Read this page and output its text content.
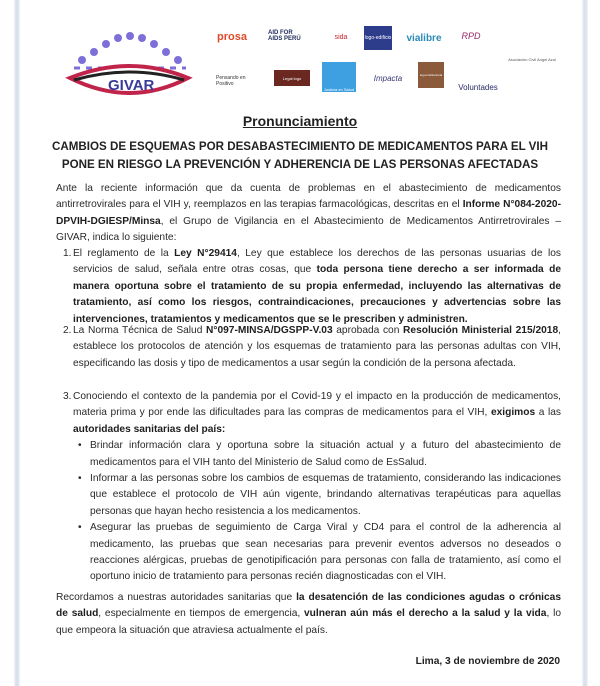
GIVAR
prosa	AID FOR AIDS PERÚ	sida	logo-edificio	vialibre	RPD
Pensando en Positivo
Legal logo
Justicia en Salud
Impacta	logo-institucional
Voluntades
Asociación Civil Angel Azul
Pronunciamiento
CAMBIOS DE ESQUEMAS POR DESABASTECIMIENTO DE MEDICAMENTOS PARA EL VIH
PONE EN RIESGO LA PREVENCIÓN Y ADHERENCIA DE LAS PERSONAS AFECTADAS
Ante la reciente información que da cuenta de problemas en el abastecimiento de medicamentos antirretrovirales para el VIH y, reemplazos en las terapias farmacológicas, descritas en el Informe N°084-2020-DPVIH-DGIESP/Minsa, el Grupo de Vigilancia en el Abastecimiento de Medicamentos Antirretrovirales – GIVAR, indica lo siguiente:
1. El reglamento de la Ley N°29414, Ley que establece los derechos de las personas usuarias de los servicios de salud, señala entre otras cosas, que toda persona tiene derecho a ser informada de manera oportuna sobre el tratamiento de su propia enfermedad, incluyendo las alternativas de tratamiento, así como los riesgos, contraindicaciones, precauciones y advertencias sobre las intervenciones, tratamientos y medicamentos que se le prescriben y administren.
2. La Norma Técnica de Salud N°097-MINSA/DGSPP-V.03 aprobada con Resolución Ministerial 215/2018, establece los protocolos de atención y los esquemas de tratamiento para las personas adultas con VIH, especificando las dosis y tipo de medicamentos a usar según la condición de la persona afectada.
3. Conociendo el contexto de la pandemia por el Covid-19 y el impacto en la producción de medicamentos, materia prima y por ende las dificultades para las compras de medicamentos para el VIH, exigimos a las autoridades sanitarias del país:
• Brindar información clara y oportuna sobre la situación actual y a futuro del abastecimiento de medicamentos para el VIH tanto del Ministerio de Salud como de EsSalud.
• Informar a las personas sobre los cambios de esquemas de tratamiento, considerando las indicaciones que establece el protocolo de VIH aún vigente, brindando alternativas terapéuticas para aquellas personas que hayan hecho resistencia a los medicamentos.
• Asegurar las pruebas de seguimiento de Carga Viral y CD4 para el control de la adherencia al medicamento, las pruebas que sean necesarias para prevenir eventos adversos no deseados o reacciones alérgicas, pruebas de genotipificación para personas con falla de tratamiento, así como el oportuno inicio de tratamiento para personas recién diagnosticadas con el VIH.
Recordamos a nuestras autoridades sanitarias que la desatención de las condiciones agudas o crónicas de salud, especialmente en tiempos de emergencia, vulneran aún más el derecho a la salud y la vida, lo que empeora la situación que atraviesa actualmente el país.
Lima, 3 de noviembre de 2020
